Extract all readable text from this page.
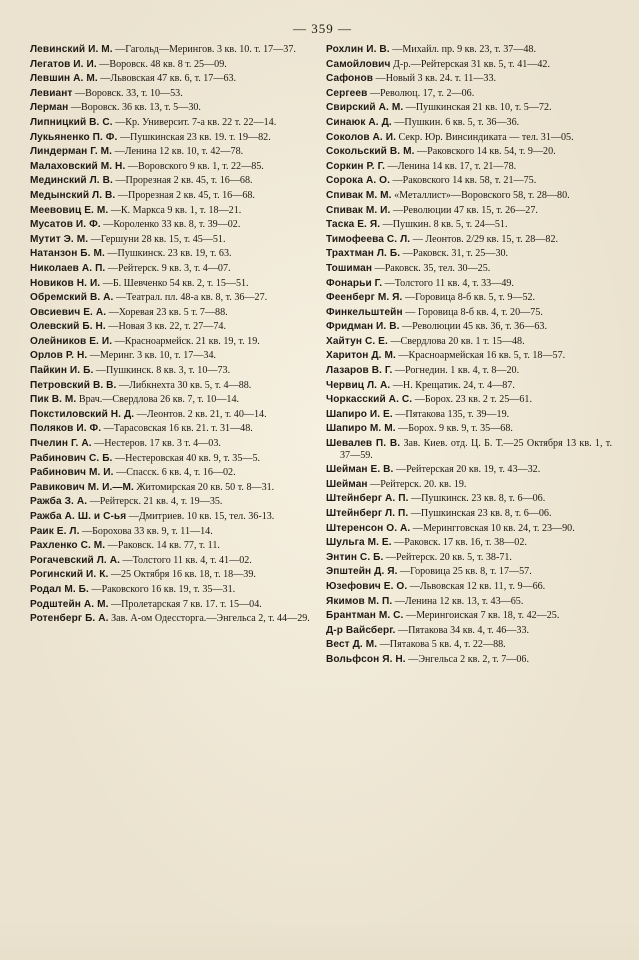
— 359 —

Левинский И. М. —Гагольд—Мерингов. 3 кв. 10. т. 17—37.

Легатов И. И. —Воровск. 48 кв. 8 т. 25—09.

Левшин А. М. —Львовская 47 кв. 6, т. 17—63.

Левиант —Воровск. 33, т. 10—53.

Лерман —Воровск. 36 кв. 13, т. 5—30.

Липницкий В. С. —Кр. Университ. 7-а кв. 22 т. 22—14.

Лукьяненко П. Ф. —Пушкинская 23 кв. 19. т. 19—82.

Линдерман Г. М. —Ленина 12 кв. 10, т. 42—78.

Малаховский М. Н. —Воровского 9 кв. 1, т. 22—85.

Мединский Л. В. —Прорезная 2 кв. 45, т. 16—68.

Медынский Л. В. —Прорезная 2 кв. 45, т. 16—68.

Меевовиц Е. М. —К. Маркса 9 кв. 1, т. 18—21.

Мусатов И. Ф. —Короленко 33 кв. 8, т. 39—02.

Мутит Э. М. —Гершуни 28 кв. 15, т. 45—51.

Натанзон Б. М. —Пушкинск. 23 кв. 19, т. 63.

Николаев А. П. —Рейтерск. 9 кв. 3, т. 4—07.

Новиков Н. И. —Б. Шевченко 54 кв. 2, т. 15—51.

Обремский В. А. —Театрал. пл. 48-а кв. 8, т. 36—27.

Овсиевич Е. А. —Хоревая 23 кв. 5 т. 7—88.

Олевский Б. Н. —Новая 3 кв. 22, т. 27—74.

Олейников Е. И. —Красноармейск. 21 кв. 19, т. 19.

Орлов Р. Н. —Меринг. 3 кв. 10, т. 17—34.

Пайкин И. Б. —Пушкинск. 8 кв. 3, т. 10—73.

Петровский В. В. —Либкнехта 30 кв. 5, т. 4—88.

Пик В. М. Врач.—Свердлова 26 кв. 7, т. 10—14.

Покстиловский Н. Д. —Леонтов. 2 кв. 21, т. 40—14.

Поляков И. Ф. —Тарасовская 16 кв. 21. т. 31—48.

Пчелин Г. А. —Нестеров. 17 кв. 3 т. 4—03.

Рабинович С. Б. —Нестеровская 40 кв. 9, т. 35—5.

Рабинович М. И. —Спасск. 6 кв. 4, т. 16—02.

Равикович М. И.—М. Житомирская 20 кв. 50 т. 8—31.

Ражба З. А. —Рейтерск. 21 кв. 4, т. 19—35.

Ражба А. Ш. и С-ья —Дмитриев. 10 кв. 15, тел. 36-13.

Раик Е. Л. —Борохова 33 кв. 9, т. 11—14.

Рахленко С. М. —Раковск. 14 кв. 77, т. 11.

Рогачевский Л. А. —Толстого 11 кв. 4, т. 41—02.

Рогинский И. К. —25 Октября 16 кв. 18, т. 18—39.

Родал М. Б. —Раковского 16 кв. 19, т. 35—31.

Родштейн А. М. —Пролетарская 7 кв. 17. т. 15—04.

Ротенберг Б. А. Зав. А-ом Одессторга.—Энгельса 2, т. 44—29.

Рохлин И. В. —Михайл. пр. 9 кв. 23, т. 37—48.

Самойлович Д-р.—Рейтерская 31 кв. 5, т. 41—42.

Сафонов —Новый 3 кв. 24. т. 11—33.

Сергеев —Революц. 17, т. 2—06.

Свирский А. М. —Пушкинская 21 кв. 10, т. 5—72.

Синаюк А. Д. —Пушкин. 6 кв. 5, т. 36—36.

Соколов А. И. Секр. Юр. Винсиндиката — тел. 31—05.

Сокольский В. М. —Раковского 14 кв. 54, т. 9—20.

Соркин Р. Г. —Ленина 14 кв. 17, т. 21—78.

Сорока А. О. —Раковского 14 кв. 58, т. 21—75.

Спивак М. М. «Металлист»—Воровского 58, т. 28—80.

Спивак М. И. —Революции 47 кв. 15, т. 26—27.

Таска Е. Я. —Пушкин. 8 кв. 5, т. 24—51.

Тимофеева С. Л. — Леонтов. 2/29 кв. 15, т. 28—82.

Трахтман Л. Б. —Раковск. 31, т. 25—30.

Тошиман —Раковск. 35, тел. 30—25.

Фонарьи Г. —Толстого 11 кв. 4, т. 33—49.

Феенберг М. Я. —Горовица 8-б кв. 5, т. 9—52.

Финкельштейн — Горовица 8-б кв. 4, т. 20—75.

Фридман И. В. —Революции 45 кв. 36, т. 36—63.

Хайтун С. Е. —Свердлова 20 кв. 1 т. 15—48.

Харитон Д. М. —Красноармейская 16 кв. 5, т. 18—57.

Лазаров В. Г. —Рогнедин. 1 кв. 4, т. 8—20.

Червиц Л. А. —Н. Крещатик. 24, т. 4—87.

Чоркасский А. С. —Борох. 23 кв. 2 т. 25—61.

Шапиро И. Е. —Пятакова 135, т. 39—19.

Шапиро М. М. —Борох. 9 кв. 9, т. 35—68.

Шевалев П. В. Зав. Киев. отд. Ц. Б. Т.—25 Октября 13 кв. 1, т. 37—59.

Шейман Е. В. —Рейтерская 20 кв. 19, т. 43—32.

Шейман —Рейтерск. 20. кв. 19.

Штейнберг А. П. —Пушкинск. 23 кв. 8, т. 6—06.

Штейнберг Л. П. —Пушкинская 23 кв. 8, т. 6—06.

Штеренсон О. А. —Мерингговская 10 кв. 24, т. 23—90.

Шульга М. Е. —Раковск. 17 кв. 16, т. 38—02.

Энтин С. Б. —Рейтерск. 20 кв. 5, т. 38-71.

Эпштейн Д. Я. —Горовица 25 кв. 8, т. 17—57.

Юзефович Е. О. —Львовская 12 кв. 11, т. 9—66.

Якимов М. П. —Ленина 12 кв. 13, т. 43—65.

Брантман М. С. —Мерингоиская 7 кв. 18, т. 42—25.

Д-р Вайсберг. —Пятакова 34 кв. 4, т. 46—33.

Вест Д. М. —Пятакова 5 кв. 4, т. 22—88.

Вольфсон Я. Н. —Энгельса 2 кв. 2, т. 7—06.
